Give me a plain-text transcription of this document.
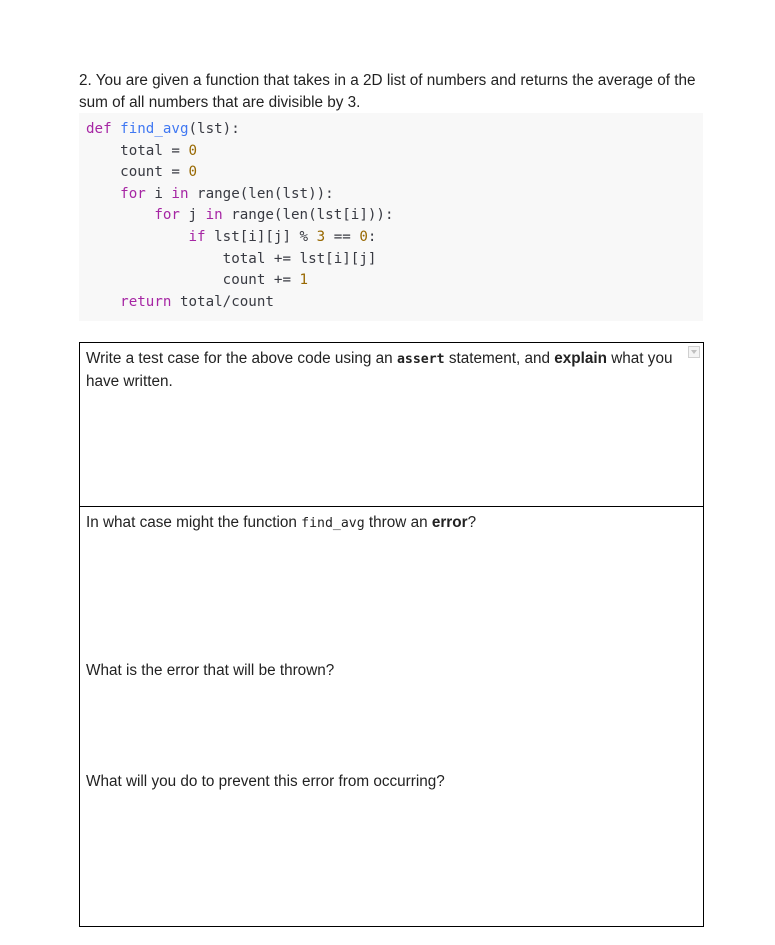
2. You are given a function that takes in a 2D list of numbers and returns the average of the sum of all numbers that are divisible by 3.

def find_avg(lst):
total = 0
count = 0
for i in range(len(lst)):
for j in range(len(lst[i])):
if lst[i][j] % 3 == 0:
total += lst[i][j]
count += 1
return total/count

Write a test case for the above code using an assert statement, and explain what you have written.

In what case might the function find_avg throw an error?

What is the error that will be thrown?

What will you do to prevent this error from occurring?
